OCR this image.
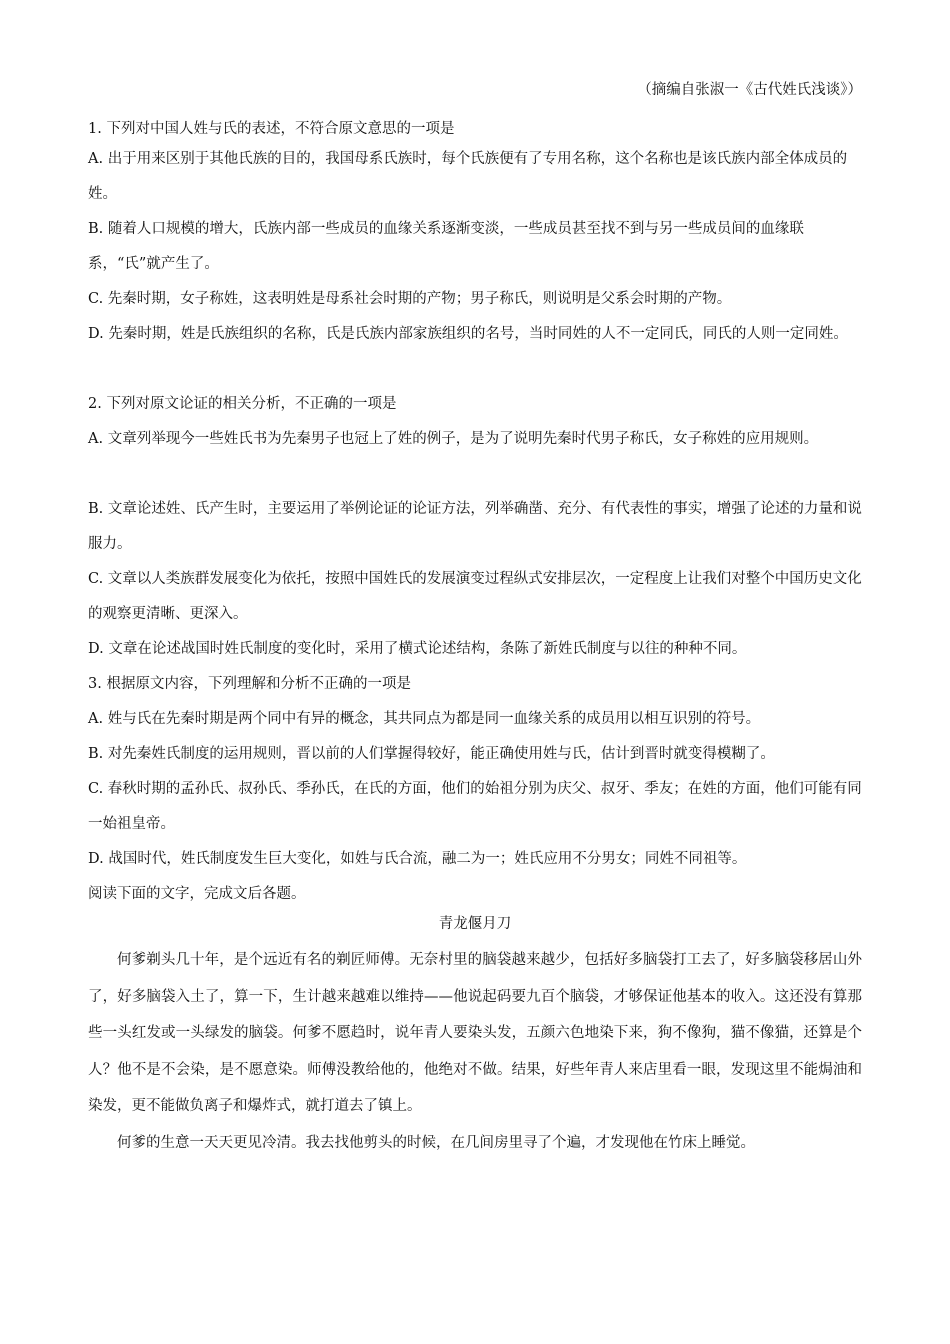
（摘编自张淑一《古代姓氏浅谈》）
1. 下列对中国人姓与氏的表述，不符合原文意思的一项是
A. 出于用来区别于其他氏族的目的，我国母系氏族时，每个氏族便有了专用名称，这个名称也是该氏族内部全体成员的姓。
B. 随着人口规模的增大，氏族内部一些成员的血缘关系逐渐变淡，一些成员甚至找不到与另一些成员间的血缘联系，“氏”就产生了。
C. 先秦时期，女子称姓，这表明姓是母系社会时期的产物；男子称氏，则说明是父系会时期的产物。
D. 先秦时期，姓是氏族组织的名称，氏是氏族内部家族组织的名号，当时同姓的人不一定同氏，同氏的人则一定同姓。
2. 下列对原文论证的相关分析，不正确的一项是
A. 文章列举现今一些姓氏书为先秦男子也冠上了姓的例子，是为了说明先秦时代男子称氏，女子称姓的应用规则。
B. 文章论述姓、氏产生时，主要运用了举例论证的论证方法，列举确凿、充分、有代表性的事实，增强了论述的力量和说服力。
C. 文章以人类族群发展变化为依托，按照中国姓氏的发展演变过程纵式安排层次，一定程度上让我们对整个中国历史文化的观察更清晰、更深入。
D. 文章在论述战国时姓氏制度的变化时，采用了横式论述结构，条陈了新姓氏制度与以往的种种不同。
3. 根据原文内容，下列理解和分析不正确的一项是
A. 姓与氏在先秦时期是两个同中有异的概念，其共同点为都是同一血缘关系的成员用以相互识别的符号。
B. 对先秦姓氏制度的运用规则，晋以前的人们掌握得较好，能正确使用姓与氏，估计到晋时就变得模糊了。
C. 春秋时期的孟孙氏、叔孙氏、季孙氏，在氏的方面，他们的始祖分别为庆父、叔牙、季友；在姓的方面，他们可能有同一始祖皇帝。
D. 战国时代，姓氏制度发生巨大变化，如姓与氏合流，融二为一；姓氏应用不分男女；同姓不同祖等。
阅读下面的文字，完成文后各题。
青龙偃月刀

何爹剃头几十年，是个远近有名的剃匠师傅。无奈村里的脑袋越来越少，包括好多脑袋打工去了，好多脑袋移居山外了，好多脑袋入土了，算一下，生计越来越难以维持——他说起码要九百个脑袋，才够保证他基本的收入。这还没有算那些一头红发或一头绿发的脑袋。何爹不愿趋时，说年青人要染头发，五颜六色地染下来，狗不像狗，猫不像猫，还算是个人？他不是不会染，是不愿意染。师傅没教给他的，他绝对不做。结果，好些年青人来店里看一眼，发现这里不能焗油和染发，更不能做负离子和爆炸式，就打道去了镇上。

何爹的生意一天天更见冷清。我去找他剪头的时候，在几间房里寻了个遍，才发现他在竹床上睡觉。
